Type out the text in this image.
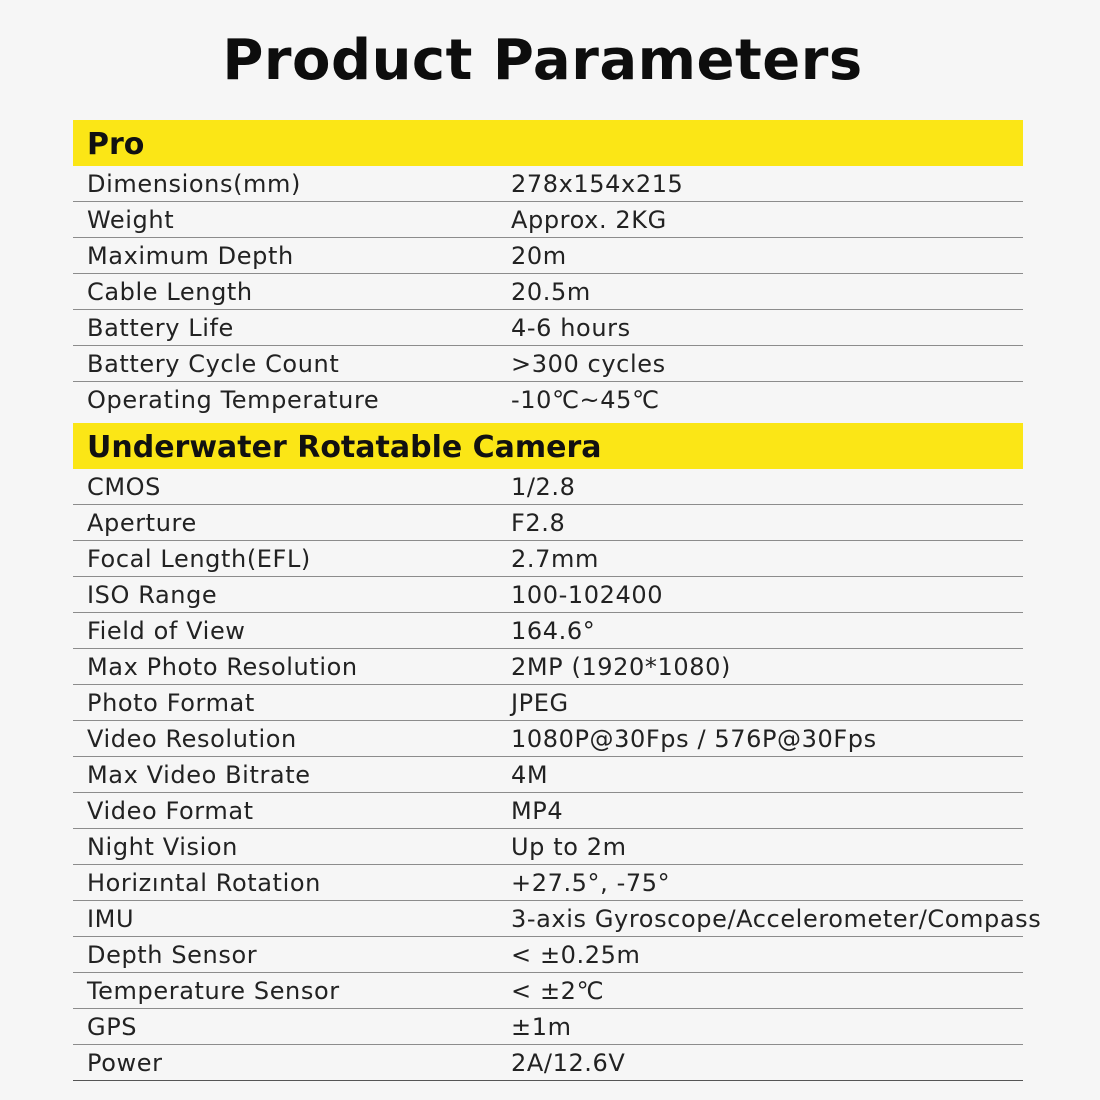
Product Parameters
Pro
Dimensions(mm)	278x154x215
Weight	Approx. 2KG
Maximum Depth	20m
Cable Length	20.5m
Battery Life	4-6 hours
Battery Cycle Count	>300 cycles
Operating Temperature	-10℃~45℃
Underwater Rotatable Camera
CMOS	1/2.8
Aperture	F2.8
Focal Length(EFL)	2.7mm
ISO Range	100-102400
Field of View	164.6°
Max Photo Resolution	2MP (1920*1080)
Photo Format	JPEG
Video Resolution	1080P@30Fps / 576P@30Fps
Max Video Bitrate	4M
Video Format	MP4
Night Vision	Up to 2m
Horizıntal Rotation	+27.5°, -75°
IMU	3-axis Gyroscope/Accelerometer/Compass
Depth Sensor	< ±0.25m
Temperature Sensor	< ±2℃
GPS	±1m
Power	2A/12.6V
